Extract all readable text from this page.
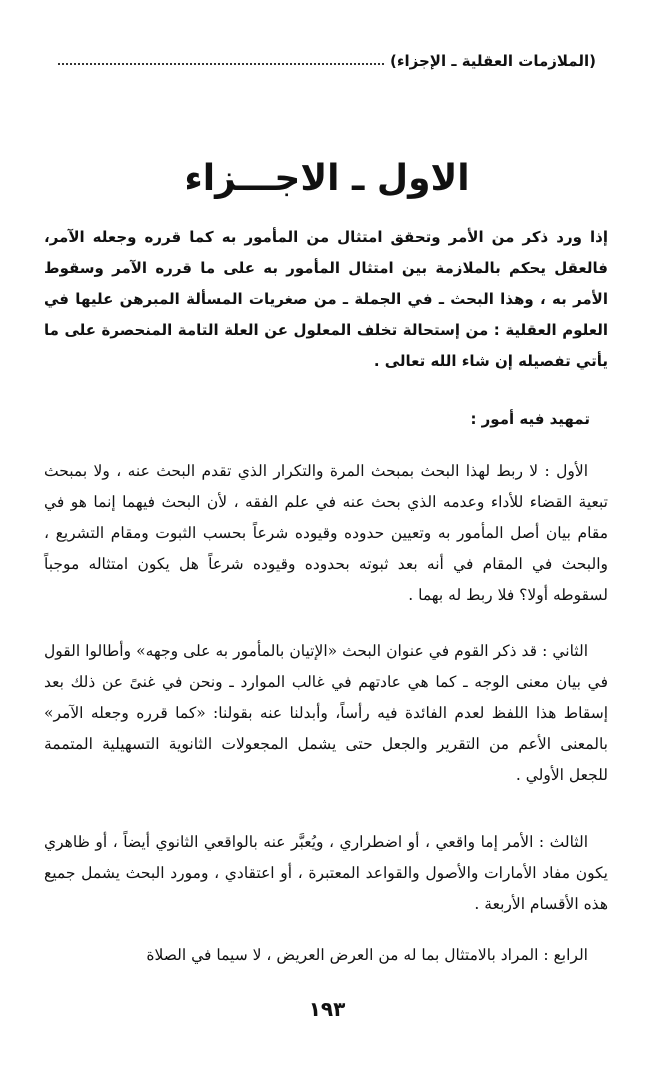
(الملازمات العقلية ـ الإجزاء)
الاول ـ الاجـــزاء
إذا ورد ذكر من الأمر وتحقق امتثال من المأمور به كما قرره وجعله الآمر، فالعقل يحكم بالملازمة بين امتثال المأمور به على ما قرره الآمر وسقوط الأمر به ، وهذا البحث ـ في الجملة ـ من صغريات المسألة المبرهن عليها في العلوم العقلية : من إستحالة تخلف المعلول عن العلة التامة المنحصرة على ما يأتي تفصيله إن شاء الله تعالى .
تمهيد فيه أمور :
الأول : لا ربط لهذا البحث بمبحث المرة والتكرار الذي تقدم البحث عنه ، ولا بمبحث تبعية القضاء للأداء وعدمه الذي بحث عنه في علم الفقه ، لأن البحث فيهما إنما هو في مقام بيان أصل المأمور به وتعيين حدوده وقيوده شرعاً بحسب الثبوت ومقام التشريع ، والبحث في المقام في أنه بعد ثبوته بحدوده وقيوده شرعاً هل يكون امتثاله موجباً لسقوطه أولا؟ فلا ربط له بهما .
الثاني : قد ذكر القوم في عنوان البحث «الإتيان بالمأمور به على وجهه» وأطالوا القول في بيان معنى الوجه ـ كما هي عادتهم في غالب الموارد ـ ونحن في غنىً عن ذلك بعد إسقاط هذا اللفظ لعدم الفائدة فيه رأساً، وأبدلنا عنه بقولنا: «كما قرره وجعله الآمر» بالمعنى الأعم من التقرير والجعل حتى يشمل المجعولات الثانوية التسهيلية المتممة للجعل الأولي .
الثالث : الأمر إما واقعي ، أو اضطراري ، ويُعبَّر عنه بالواقعي الثانوي أيضاً ، أو ظاهري يكون مفاد الأمارات والأصول والقواعد المعتبرة ، أو اعتقادي ، ومورد البحث يشمل جميع هذه الأقسام الأربعة .
الرابع : المراد بالامتثال بما له من العرض العريض ، لا سيما في الصلاة
١٩٣
